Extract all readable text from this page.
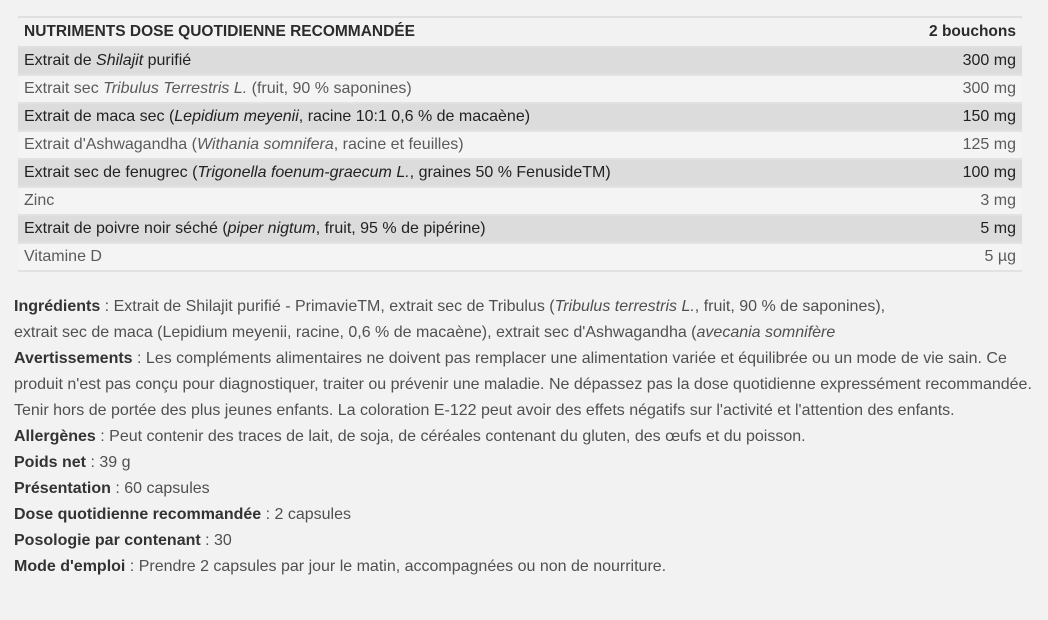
NUTRIMENTS DOSE QUOTIDIENNE RECOMMANDÉE	2 bouchons
Extrait de Shilajit purifié	300 mg
Extrait sec Tribulus Terrestris L. (fruit, 90 % saponines)	300 mg
Extrait de maca sec (Lepidium meyenii, racine 10:1 0,6 % de macaène)	150 mg
Extrait d'Ashwagandha (Withania somnifera, racine et feuilles)	125 mg
Extrait sec de fenugrec (Trigonella foenum-graecum L., graines 50 % FenusideTM)	100 mg
Zinc	3 mg
Extrait de poivre noir séché (piper nigtum, fruit, 95 % de pipérine)	5 mg
Vitamine D	5 µg

Ingrédients : Extrait de Shilajit purifié - PrimavieTM, extrait sec de Tribulus (Tribulus terrestris L., fruit, 90 % de saponines),

extrait sec de maca (Lepidium meyenii, racine, 0,6 % de macaène), extrait sec d'Ashwagandha (avecania somnifère

Avertissements : Les compléments alimentaires ne doivent pas remplacer une alimentation variée et équilibrée ou un mode de vie sain. Ce produit n'est pas conçu pour diagnostiquer, traiter ou prévenir une maladie. Ne dépassez pas la dose quotidienne expressément recommandée. Tenir hors de portée des plus jeunes enfants. La coloration E-122 peut avoir des effets négatifs sur l'activité et l'attention des enfants.

Allergènes : Peut contenir des traces de lait, de soja, de céréales contenant du gluten, des œufs et du poisson.

Poids net : 39 g

Présentation : 60 capsules

Dose quotidienne recommandée : 2 capsules

Posologie par contenant : 30

Mode d'emploi : Prendre 2 capsules par jour le matin, accompagnées ou non de nourriture.
